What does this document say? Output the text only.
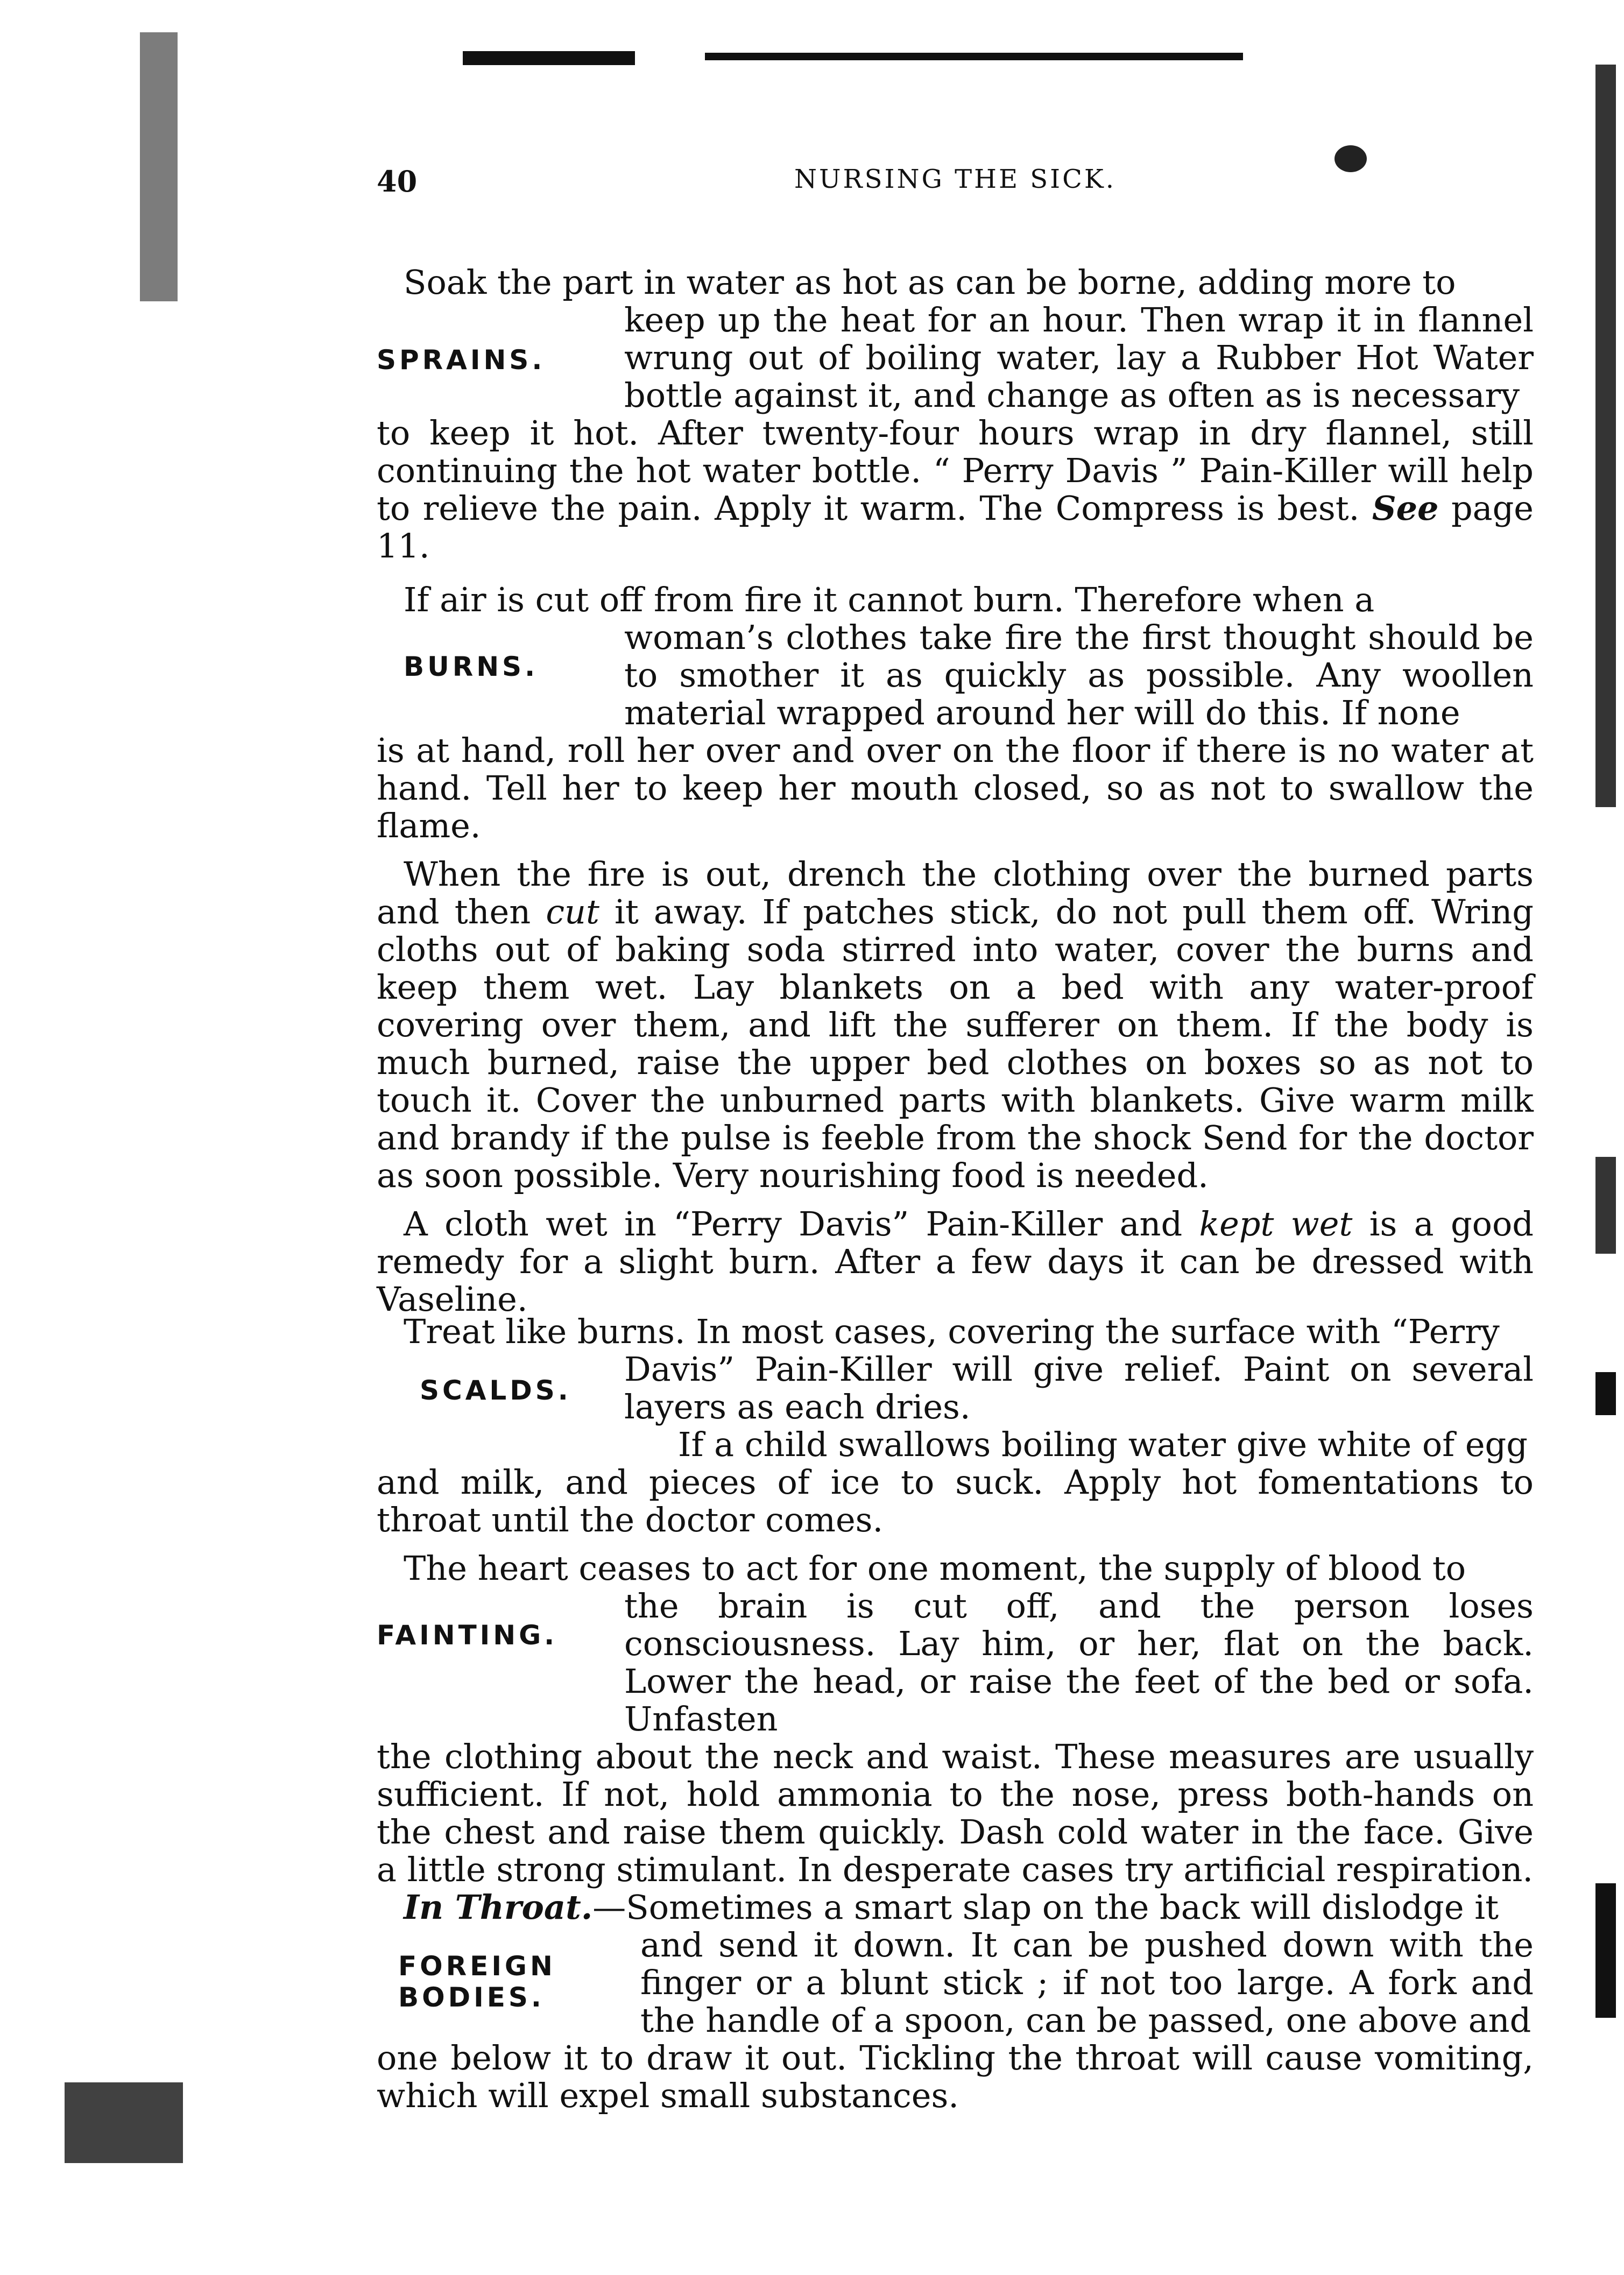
40	NURSING THE SICK.

Soak the part in water as hot as can be borne, adding more to

SPRAINS.

keep up the heat for an hour. Then wrap it in flannel wrung out of boiling water, lay a Rubber Hot Water bottle against it, and change as often as is necessary

to keep it hot. After twenty-four hours wrap in dry flannel, still continuing the hot water bottle. “ Perry Davis ” Pain-Killer will help to relieve the pain. Apply it warm. The Compress is best. See page 11.

If air is cut off from fire it cannot burn. Therefore when a

BURNS.

woman’s clothes take fire the first thought should be to smother it as quickly as possible. Any woollen material wrapped around her will do this. If none

is at hand, roll her over and over on the floor if there is no water at hand. Tell her to keep her mouth closed, so as not to swallow the flame.

When the fire is out, drench the clothing over the burned parts and then cut it away. If patches stick, do not pull them off. Wring cloths out of baking soda stirred into water, cover the burns and keep them wet. Lay blankets on a bed with any water-proof covering over them, and lift the sufferer on them. If the body is much burned, raise the upper bed clothes on boxes so as not to touch it. Cover the unburned parts with blankets. Give warm milk and brandy if the pulse is feeble from the shock Send for the doctor as soon possible. Very nourishing food is needed.

A cloth wet in “Perry Davis” Pain-Killer and kept wet is a good remedy for a slight burn. After a few days it can be dressed with Vaseline.

Treat like burns. In most cases, covering the surface with “Perry

SCALDS.

Davis” Pain-Killer will give relief. Paint on several layers as each dries.

If a child swallows boiling water give white of egg

and milk, and pieces of ice to suck. Apply hot fomentations to throat until the doctor comes.

The heart ceases to act for one moment, the supply of blood to

FAINTING.

the brain is cut off, and the person loses consciousness. Lay him, or her, flat on the back. Lower the head, or raise the feet of the bed or sofa. Unfasten

the clothing about the neck and waist. These measures are usually sufficient. If not, hold ammonia to the nose, press both-hands on the chest and raise them quickly. Dash cold water in the face. Give a little strong stimulant. In desperate cases try artificial respiration.

In Throat.—Sometimes a smart slap on the back will dislodge it

FOREIGN
BODIES.

and send it down. It can be pushed down with the finger or a blunt stick ; if not too large. A fork and the handle of a spoon, can be passed, one above and

one below it to draw it out. Tickling the throat will cause vomiting, which will expel small substances.
